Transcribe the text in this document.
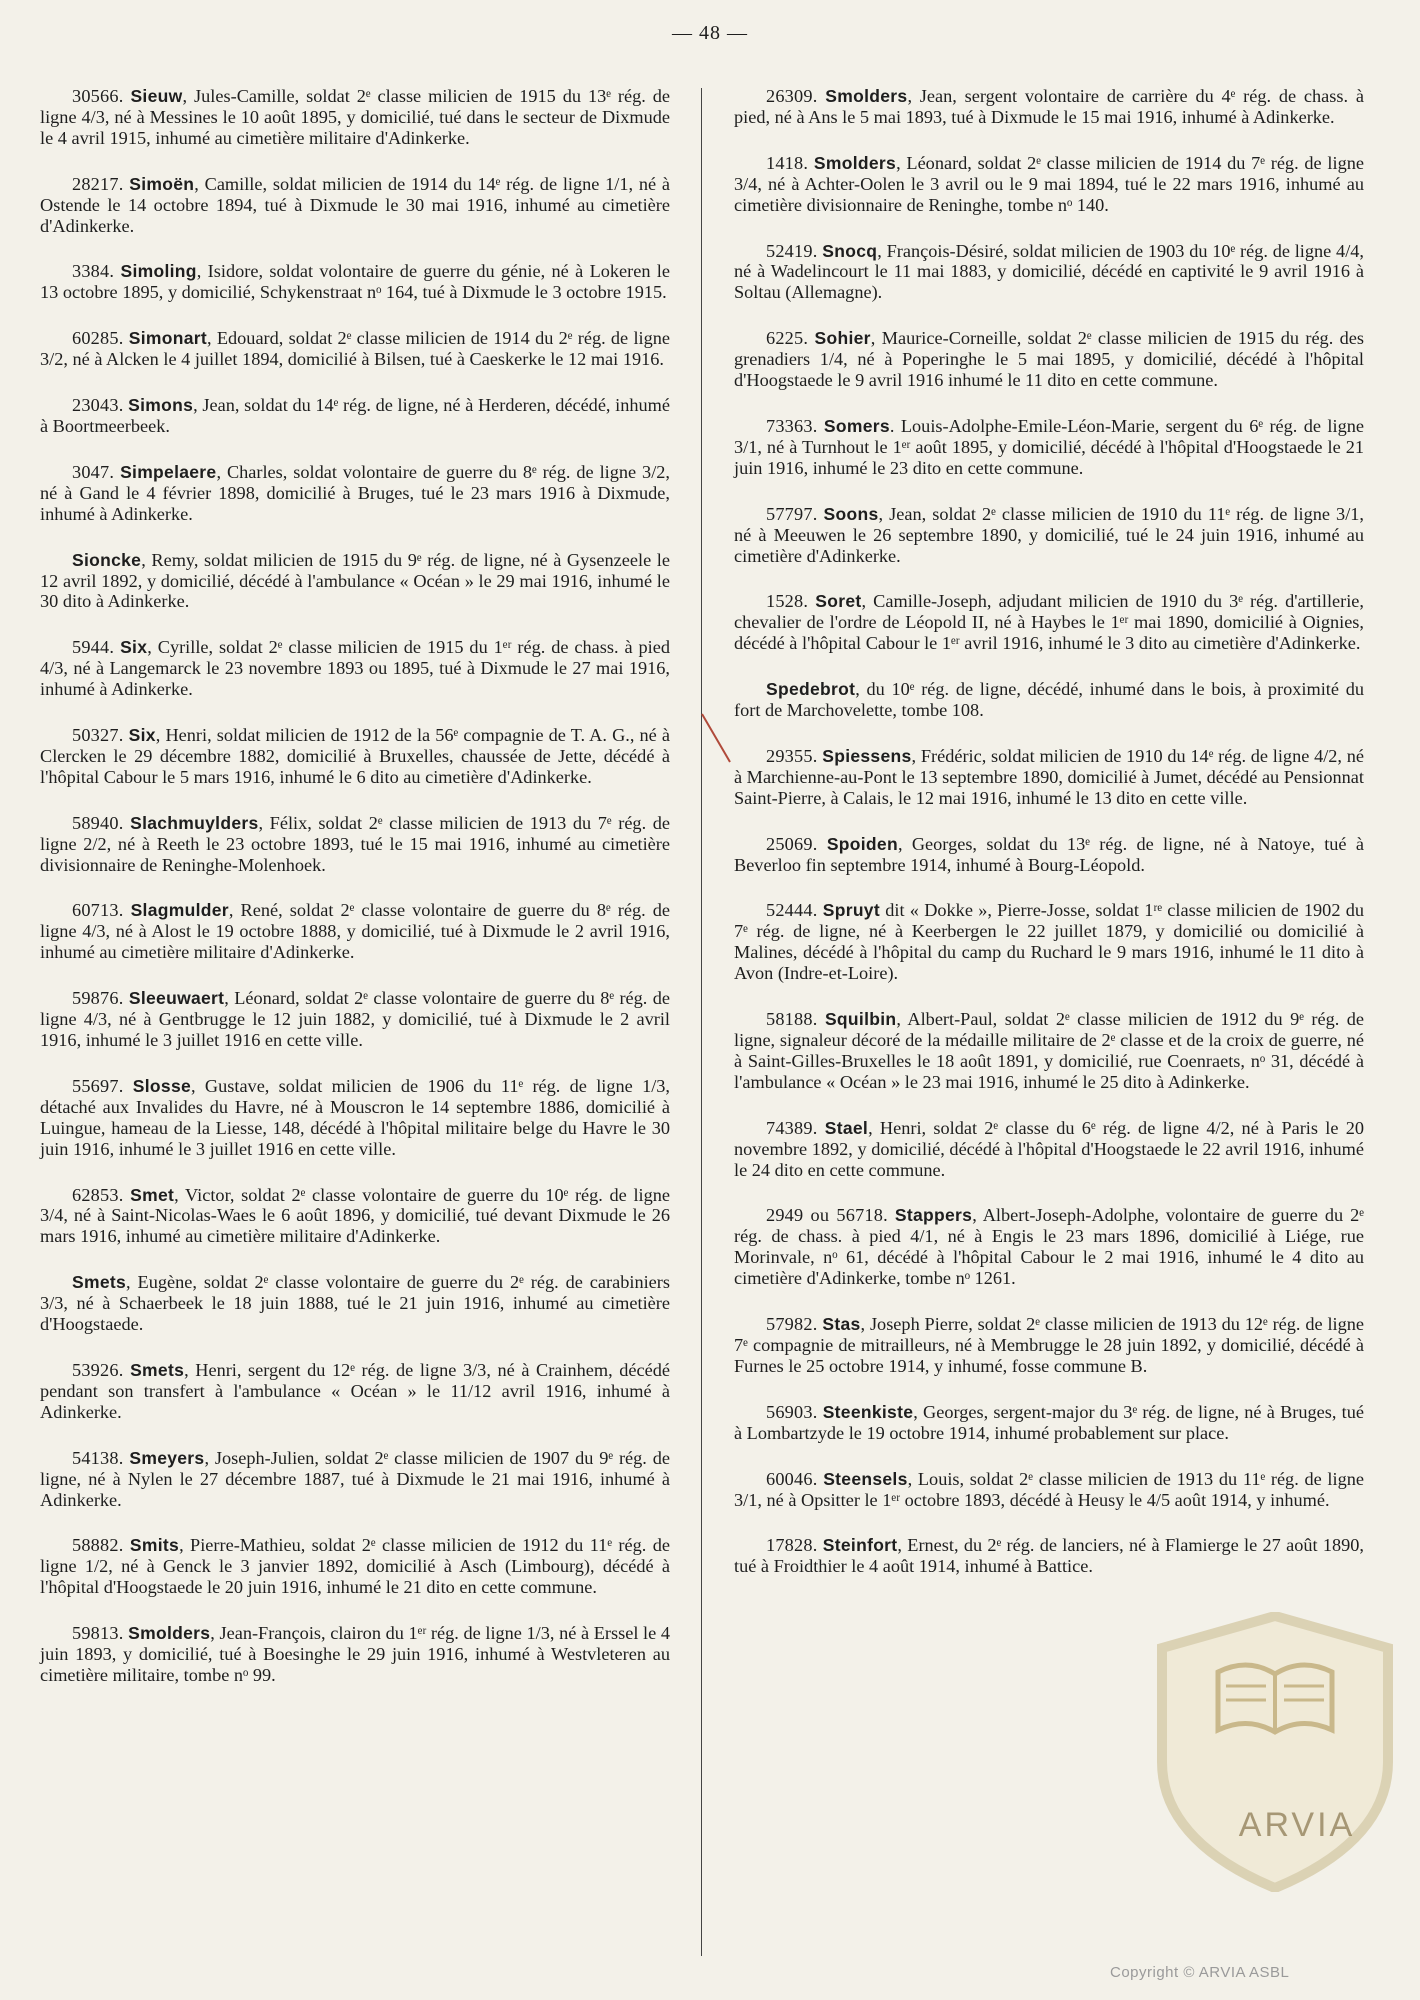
— 48 —

30566. Sieuw, Jules-Camille, soldat 2ᵉ classe milicien de 1915 du 13ᵉ rég. de ligne 4/3, né à Messines le 10 août 1895, y domicilié, tué dans le secteur de Dixmude le 4 avril 1915, inhumé au cimetière militaire d'Adinkerke.

28217. Simoën, Camille, soldat milicien de 1914 du 14ᵉ rég. de ligne 1/1, né à Ostende le 14 octobre 1894, tué à Dixmude le 30 mai 1916, inhumé au cimetière d'Adinkerke.

3384. Simoling, Isidore, soldat volontaire de guerre du génie, né à Lokeren le 13 octobre 1895, y domicilié, Schykenstraat nᵒ 164, tué à Dixmude le 3 octobre 1915.

60285. Simonart, Edouard, soldat 2ᵉ classe milicien de 1914 du 2ᵉ rég. de ligne 3/2, né à Alcken le 4 juillet 1894, domicilié à Bilsen, tué à Caeskerke le 12 mai 1916.

23043. Simons, Jean, soldat du 14ᵉ rég. de ligne, né à Herderen, décédé, inhumé à Boortmeerbeek.

3047. Simpelaere, Charles, soldat volontaire de guerre du 8ᵉ rég. de ligne 3/2, né à Gand le 4 février 1898, domicilié à Bruges, tué le 23 mars 1916 à Dixmude, inhumé à Adinkerke.

Sioncke, Remy, soldat milicien de 1915 du 9ᵉ rég. de ligne, né à Gysenzeele le 12 avril 1892, y domicilié, décédé à l'ambulance « Océan » le 29 mai 1916, inhumé le 30 dito à Adinkerke.

5944. Six, Cyrille, soldat 2ᵉ classe milicien de 1915 du 1ᵉʳ rég. de chass. à pied 4/3, né à Langemarck le 23 novembre 1893 ou 1895, tué à Dixmude le 27 mai 1916, inhumé à Adinkerke.

50327. Six, Henri, soldat milicien de 1912 de la 56ᵉ compagnie de T. A. G., né à Clercken le 29 décembre 1882, domicilié à Bruxelles, chaussée de Jette, décédé à l'hôpital Cabour le 5 mars 1916, inhumé le 6 dito au cimetière d'Adinkerke.

58940. Slachmuylders, Félix, soldat 2ᵉ classe milicien de 1913 du 7ᵉ rég. de ligne 2/2, né à Reeth le 23 octobre 1893, tué le 15 mai 1916, inhumé au cimetière divisionnaire de Reninghe-Molenhoek.

60713. Slagmulder, René, soldat 2ᵉ classe volontaire de guerre du 8ᵉ rég. de ligne 4/3, né à Alost le 19 octobre 1888, y domicilié, tué à Dixmude le 2 avril 1916, inhumé au cimetière militaire d'Adinkerke.

59876. Sleeuwaert, Léonard, soldat 2ᵉ classe volontaire de guerre du 8ᵉ rég. de ligne 4/3, né à Gentbrugge le 12 juin 1882, y domicilié, tué à Dixmude le 2 avril 1916, inhumé le 3 juillet 1916 en cette ville.

55697. Slosse, Gustave, soldat milicien de 1906 du 11ᵉ rég. de ligne 1/3, détaché aux Invalides du Havre, né à Mouscron le 14 septembre 1886, domicilié à Luingue, hameau de la Liesse, 148, décédé à l'hôpital militaire belge du Havre le 30 juin 1916, inhumé le 3 juillet 1916 en cette ville.

62853. Smet, Victor, soldat 2ᵉ classe volontaire de guerre du 10ᵉ rég. de ligne 3/4, né à Saint-Nicolas-Waes le 6 août 1896, y domicilié, tué devant Dixmude le 26 mars 1916, inhumé au cimetière militaire d'Adinkerke.

Smets, Eugène, soldat 2ᵉ classe volontaire de guerre du 2ᵉ rég. de carabiniers 3/3, né à Schaerbeek le 18 juin 1888, tué le 21 juin 1916, inhumé au cimetière d'Hoogstaede.

53926. Smets, Henri, sergent du 12ᵉ rég. de ligne 3/3, né à Crainhem, décédé pendant son transfert à l'ambulance « Océan » le 11/12 avril 1916, inhumé à Adinkerke.

54138. Smeyers, Joseph-Julien, soldat 2ᵉ classe milicien de 1907 du 9ᵉ rég. de ligne, né à Nylen le 27 décembre 1887, tué à Dixmude le 21 mai 1916, inhumé à Adinkerke.

58882. Smits, Pierre-Mathieu, soldat 2ᵉ classe milicien de 1912 du 11ᵉ rég. de ligne 1/2, né à Genck le 3 janvier 1892, domicilié à Asch (Limbourg), décédé à l'hôpital d'Hoogstaede le 20 juin 1916, inhumé le 21 dito en cette commune.

59813. Smolders, Jean-François, clairon du 1ᵉʳ rég. de ligne 1/3, né à Erssel le 4 juin 1893, y domicilié, tué à Boesinghe le 29 juin 1916, inhumé à Westvleteren au cimetière militaire, tombe nᵒ 99.

26309. Smolders, Jean, sergent volontaire de carrière du 4ᵉ rég. de chass. à pied, né à Ans le 5 mai 1893, tué à Dixmude le 15 mai 1916, inhumé à Adinkerke.

1418. Smolders, Léonard, soldat 2ᵉ classe milicien de 1914 du 7ᵉ rég. de ligne 3/4, né à Achter-Oolen le 3 avril ou le 9 mai 1894, tué le 22 mars 1916, inhumé au cimetière divisionnaire de Reninghe, tombe nᵒ 140.

52419. Snocq, François-Désiré, soldat milicien de 1903 du 10ᵉ rég. de ligne 4/4, né à Wadelincourt le 11 mai 1883, y domicilié, décédé en captivité le 9 avril 1916 à Soltau (Allemagne).

6225. Sohier, Maurice-Corneille, soldat 2ᵉ classe milicien de 1915 du rég. des grenadiers 1/4, né à Poperinghe le 5 mai 1895, y domicilié, décédé à l'hôpital d'Hoogstaede le 9 avril 1916 inhumé le 11 dito en cette commune.

73363. Somers. Louis-Adolphe-Emile-Léon-Marie, sergent du 6ᵉ rég. de ligne 3/1, né à Turnhout le 1ᵉʳ août 1895, y domicilié, décédé à l'hôpital d'Hoogstaede le 21 juin 1916, inhumé le 23 dito en cette commune.

57797. Soons, Jean, soldat 2ᵉ classe milicien de 1910 du 11ᵉ rég. de ligne 3/1, né à Meeuwen le 26 septembre 1890, y domicilié, tué le 24 juin 1916, inhumé au cimetière d'Adinkerke.

1528. Soret, Camille-Joseph, adjudant milicien de 1910 du 3ᵉ rég. d'artillerie, chevalier de l'ordre de Léopold II, né à Haybes le 1ᵉʳ mai 1890, domicilié à Oignies, décédé à l'hôpital Cabour le 1ᵉʳ avril 1916, inhumé le 3 dito au cimetière d'Adinkerke.

Spedebrot, du 10ᵉ rég. de ligne, décédé, inhumé dans le bois, à proximité du fort de Marchovelette, tombe 108.

29355. Spiessens, Frédéric, soldat milicien de 1910 du 14ᵉ rég. de ligne 4/2, né à Marchienne-au-Pont le 13 septembre 1890, domicilié à Jumet, décédé au Pensionnat Saint-Pierre, à Calais, le 12 mai 1916, inhumé le 13 dito en cette ville.

25069. Spoiden, Georges, soldat du 13ᵉ rég. de ligne, né à Natoye, tué à Beverloo fin septembre 1914, inhumé à Bourg-Léopold.

52444. Spruyt dit « Dokke », Pierre-Josse, soldat 1ʳᵉ classe milicien de 1902 du 7ᵉ rég. de ligne, né à Keerbergen le 22 juillet 1879, y domicilié ou domicilié à Malines, décédé à l'hôpital du camp du Ruchard le 9 mars 1916, inhumé le 11 dito à Avon (Indre-et-Loire).

58188. Squilbin, Albert-Paul, soldat 2ᵉ classe milicien de 1912 du 9ᵉ rég. de ligne, signaleur décoré de la médaille militaire de 2ᵉ classe et de la croix de guerre, né à Saint-Gilles-Bruxelles le 18 août 1891, y domicilié, rue Coenraets, nᵒ 31, décédé à l'ambulance « Océan » le 23 mai 1916, inhumé le 25 dito à Adinkerke.

74389. Stael, Henri, soldat 2ᵉ classe du 6ᵉ rég. de ligne 4/2, né à Paris le 20 novembre 1892, y domicilié, décédé à l'hôpital d'Hoogstaede le 22 avril 1916, inhumé le 24 dito en cette commune.

2949 ou 56718. Stappers, Albert-Joseph-Adolphe, volontaire de guerre du 2ᵉ rég. de chass. à pied 4/1, né à Engis le 23 mars 1896, domicilié à Liége, rue Morinvale, nᵒ 61, décédé à l'hôpital Cabour le 2 mai 1916, inhumé le 4 dito au cimetière d'Adinkerke, tombe nᵒ 1261.

57982. Stas, Joseph Pierre, soldat 2ᵉ classe milicien de 1913 du 12ᵉ rég. de ligne 7ᵉ compagnie de mitrailleurs, né à Membrugge le 28 juin 1892, y domicilié, décédé à Furnes le 25 octobre 1914, y inhumé, fosse commune B.

56903. Steenkiste, Georges, sergent-major du 3ᵉ rég. de ligne, né à Bruges, tué à Lombartzyde le 19 octobre 1914, inhumé probablement sur place.

60046. Steensels, Louis, soldat 2ᵉ classe milicien de 1913 du 11ᵉ rég. de ligne 3/1, né à Opsitter le 1ᵉʳ octobre 1893, décédé à Heusy le 4/5 août 1914, y inhumé.

17828. Steinfort, Ernest, du 2ᵉ rég. de lanciers, né à Flamierge le 27 août 1890, tué à Froidthier le 4 août 1914, inhumé à Battice.

ARVIA
Copyright © ARVIA ASBL
